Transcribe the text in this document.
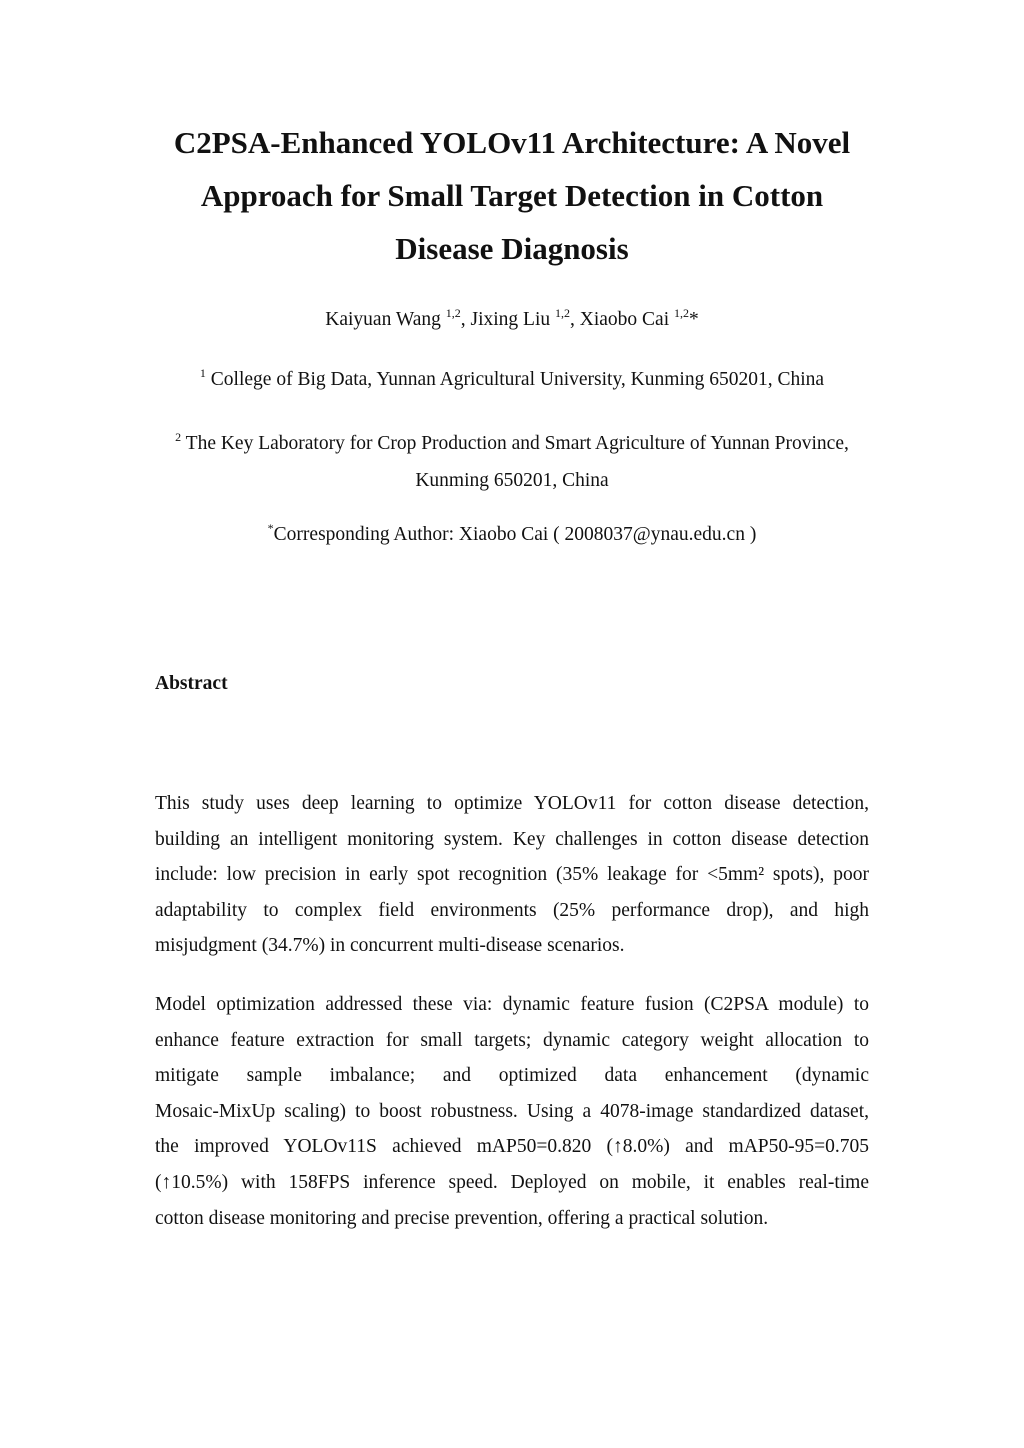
C2PSA-Enhanced YOLOv11 Architecture: A Novel
Approach for Small Target Detection in Cotton
Disease Diagnosis

Kaiyuan Wang $^{1,2}$, Jixing Liu $^{1,2}$, Xiaobo Cai $^{1,2}$*

$^1$ College of Big Data, Yunnan Agricultural University, Kunming 650201, China

$^2$ The Key Laboratory for Crop Production and Smart Agriculture of Yunnan Province,
Kunming 650201, China

*Corresponding Author: Xiaobo Cai ( 2008037@ynau.edu.cn )

Abstract

This study uses deep learning to optimize YOLOv11 for cotton disease detection,
building an intelligent monitoring system. Key challenges in cotton disease detection
include: low precision in early spot recognition (35% leakage for <5mm² spots), poor
adaptability to complex field environments (25% performance drop), and high
misjudgment (34.7%) in concurrent multi-disease scenarios.

Model optimization addressed these via: dynamic feature fusion (C2PSA module) to
enhance feature extraction for small targets; dynamic category weight allocation to
mitigate sample imbalance; and optimized data enhancement (dynamic
Mosaic-MixUp scaling) to boost robustness. Using a 4078-image standardized dataset,
the improved YOLOv11S achieved mAP50=0.820 (↑8.0%) and mAP50-95=0.705
(↑10.5%) with 158FPS inference speed. Deployed on mobile, it enables real-time
cotton disease monitoring and precise prevention, offering a practical solution.
